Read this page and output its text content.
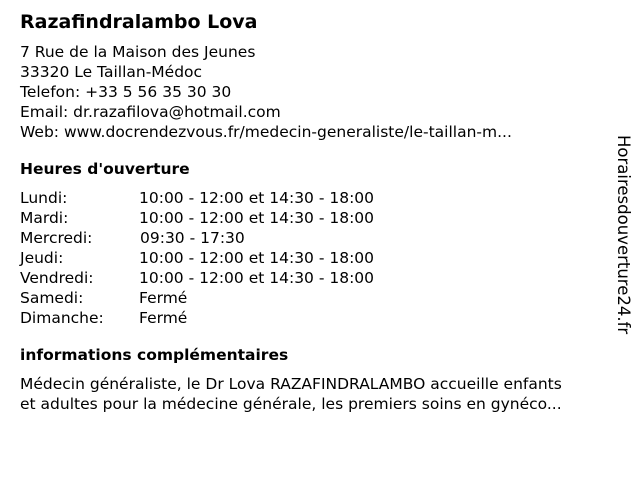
Razafindralambo Lova
7 Rue de la Maison des Jeunes
33320 Le Taillan-Médoc
Telefon: +33 5 56 35 30 30
Email: dr.razafilova@hotmail.com
Web: www.docrendezvous.fr/medecin-generaliste/le-taillan-m...
Heures d'ouverture
Lundi:	10:00 - 12:00 et 14:30 - 18:00
Mardi:	10:00 - 12:00 et 14:30 - 18:00
Mercredi:	09:30 - 17:30
Jeudi:	10:00 - 12:00 et 14:30 - 18:00
Vendredi:	10:00 - 12:00 et 14:30 - 18:00
Samedi:	Fermé
Dimanche:	Fermé
informations complémentaires
Médecin généraliste, le Dr Lova RAZAFINDRALAMBO accueille enfants
et adultes pour la médecine générale, les premiers soins en gynéco...
Horairesdouverture24.fr
